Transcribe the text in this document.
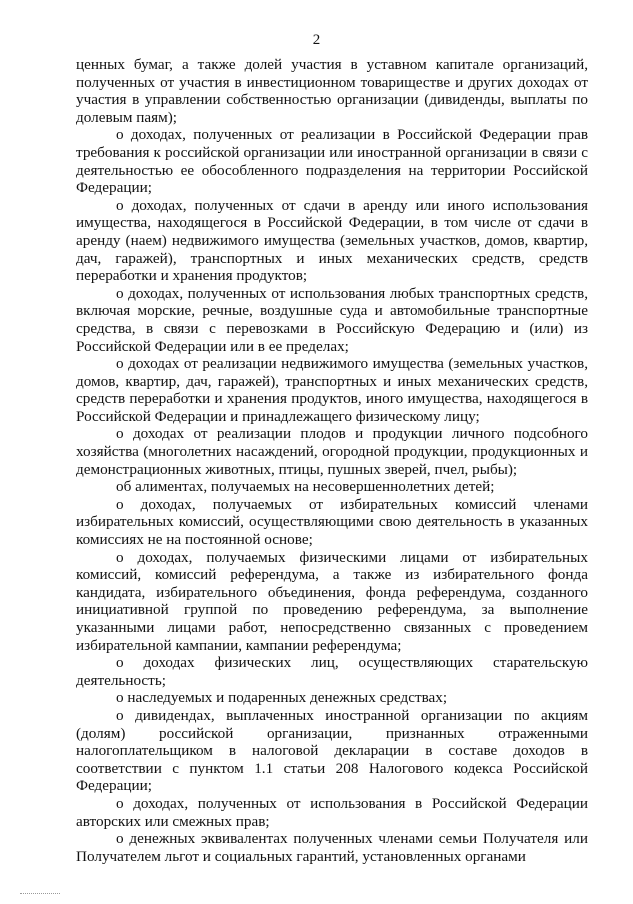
2

ценных бумаг, а также долей участия в уставном капитале организаций, полученных от участия в инвестиционном товариществе и других доходах от участия в управлении собственностью организации (дивиденды, выплаты по долевым паям);

о доходах, полученных от реализации в Российской Федерации прав требования к российской организации или иностранной организации в связи с деятельностью ее обособленного подразделения на территории Российской Федерации;

о доходах, полученных от сдачи в аренду или иного использования имущества, находящегося в Российской Федерации, в том числе от сдачи в аренду (наем) недвижимого имущества (земельных участков, домов, квартир, дач, гаражей), транспортных и иных механических средств, средств переработки и хранения продуктов;

о доходах, полученных от использования любых транспортных средств, включая морские, речные, воздушные суда и автомобильные транспортные средства, в связи с перевозками в Российскую Федерацию и (или) из Российской Федерации или в ее пределах;

о доходах от реализации недвижимого имущества (земельных участков, домов, квартир, дач, гаражей), транспортных и иных механических средств, средств переработки и хранения продуктов, иного имущества, находящегося в Российской Федерации и принадлежащего физическому лицу;

о доходах от реализации плодов и продукции личного подсобного хозяйства (многолетних насаждений, огородной продукции, продукционных и демонстрационных животных, птицы, пушных зверей, пчел, рыбы);

об алиментах, получаемых на несовершеннолетних детей;

о доходах, получаемых от избирательных комиссий членами избирательных комиссий, осуществляющими свою деятельность в указанных комиссиях не на постоянной основе;

о доходах, получаемых физическими лицами от избирательных комиссий, комиссий референдума, а также из избирательного фонда кандидата, избирательного объединения, фонда референдума, созданного инициативной группой по проведению референдума, за выполнение указанными лицами работ, непосредственно связанных с проведением избирательной кампании, кампании референдума;

о доходах физических лиц, осуществляющих старательскую деятельность;

о наследуемых и подаренных денежных средствах;

о дивидендах, выплаченных иностранной организации по акциям (долям) российской организации, признанных отраженными налогоплательщиком в налоговой декларации в составе доходов в соответствии с пунктом 1.1 статьи 208 Налогового кодекса Российской Федерации;

о доходах, полученных от использования в Российской Федерации авторских или смежных прав;

о денежных эквивалентах полученных членами семьи Получателя или Получателем льгот и социальных гарантий, установленных органами
